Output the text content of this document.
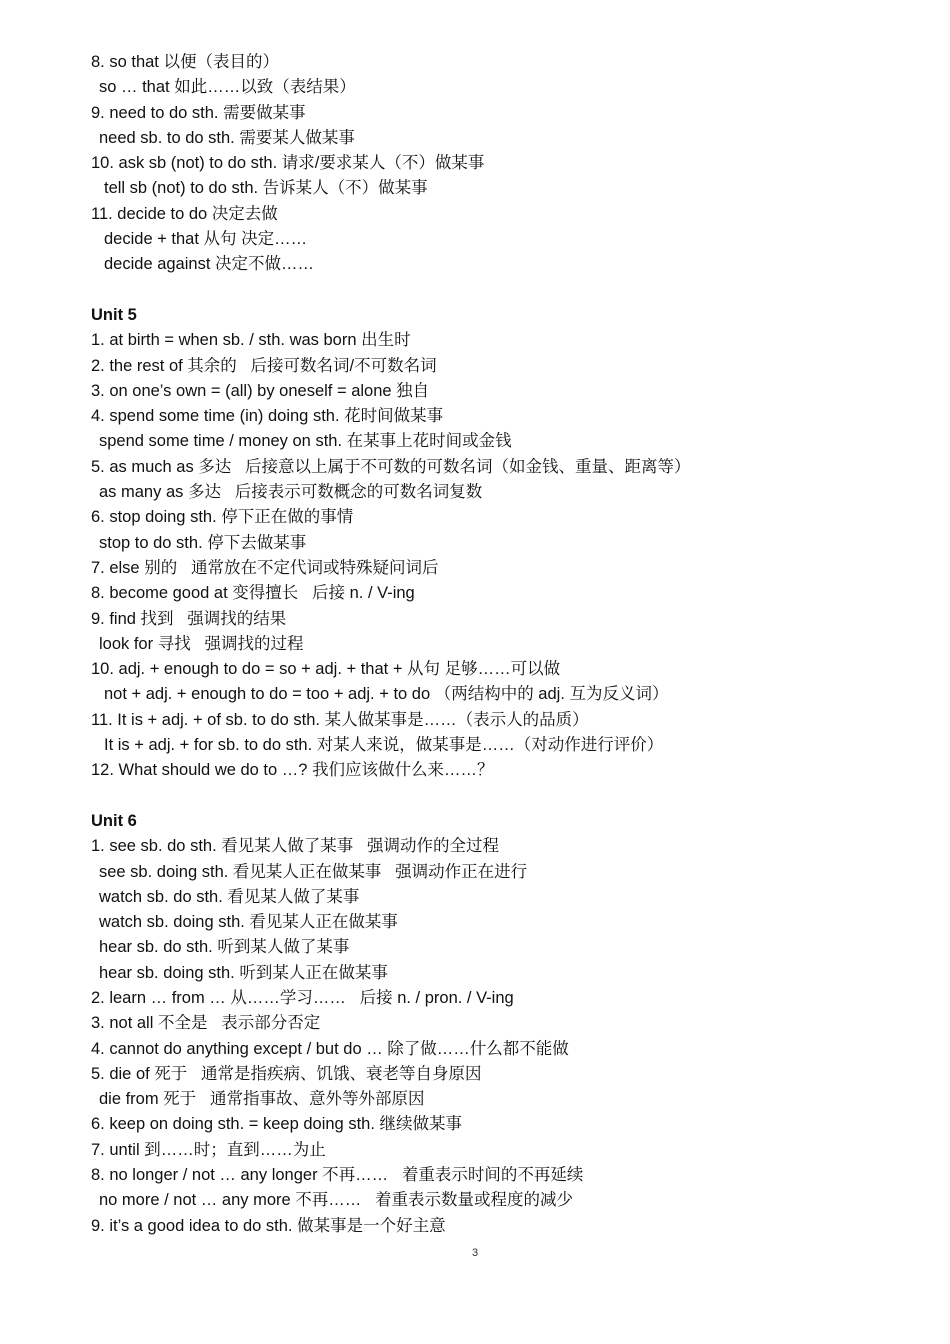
8. so that 以便（表目的）
so … that 如此……以致（表结果）
9. need to do sth. 需要做某事
need sb. to do sth. 需要某人做某事
10. ask sb (not) to do sth. 请求/要求某人（不）做某事
tell sb (not) to do sth. 告诉某人（不）做某事
11. decide to do 决定去做
decide + that 从句 决定……
decide against 决定不做……
Unit 5
1. at birth = when sb. / sth. was born 出生时
2. the rest of 其余的   后接可数名词/不可数名词
3. on one’s own = (all) by oneself = alone 独自
4. spend some time (in) doing sth. 花时间做某事
spend some time / money on sth. 在某事上花时间或金钱
5. as much as 多达   后接意以上属于不可数的可数名词（如金钱、重量、距离等）
as many as 多达   后接表示可数概念的可数名词复数
6. stop doing sth. 停下正在做的事情
stop to do sth. 停下去做某事
7. else 别的   通常放在不定代词或特殊疑问词后
8. become good at 变得擅长   后接 n. / V-ing
9. find 找到   强调找的结果
look for 寻找   强调找的过程
10. adj. + enough to do = so + adj. + that + 从句 足够……可以做
not + adj. + enough to do = too + adj. + to do （两结构中的 adj. 互为反义词）
11. It is + adj. + of sb. to do sth. 某人做某事是……（表示人的品质）
It is + adj. + for sb. to do sth. 对某人来说，做某事是……（对动作进行评价）
12. What should we do to …? 我们应该做什么来……？
Unit 6
1. see sb. do sth. 看见某人做了某事   强调动作的全过程
see sb. doing sth. 看见某人正在做某事   强调动作正在进行
watch sb. do sth. 看见某人做了某事
watch sb. doing sth. 看见某人正在做某事
hear sb. do sth. 听到某人做了某事
hear sb. doing sth. 听到某人正在做某事
2. learn … from … 从……学习……   后接 n. / pron. / V-ing
3. not all 不全是   表示部分否定
4. cannot do anything except / but do … 除了做……什么都不能做
5. die of 死于   通常是指疾病、饥饿、衰老等自身原因
die from 死于   通常指事故、意外等外部原因
6. keep on doing sth. = keep doing sth. 继续做某事
7. until 到……时；直到……为止
8. no longer / not … any longer 不再……   着重表示时间的不再延续
no more / not … any more 不再……   着重表示数量或程度的减少
9. it’s a good idea to do sth. 做某事是一个好主意
3
